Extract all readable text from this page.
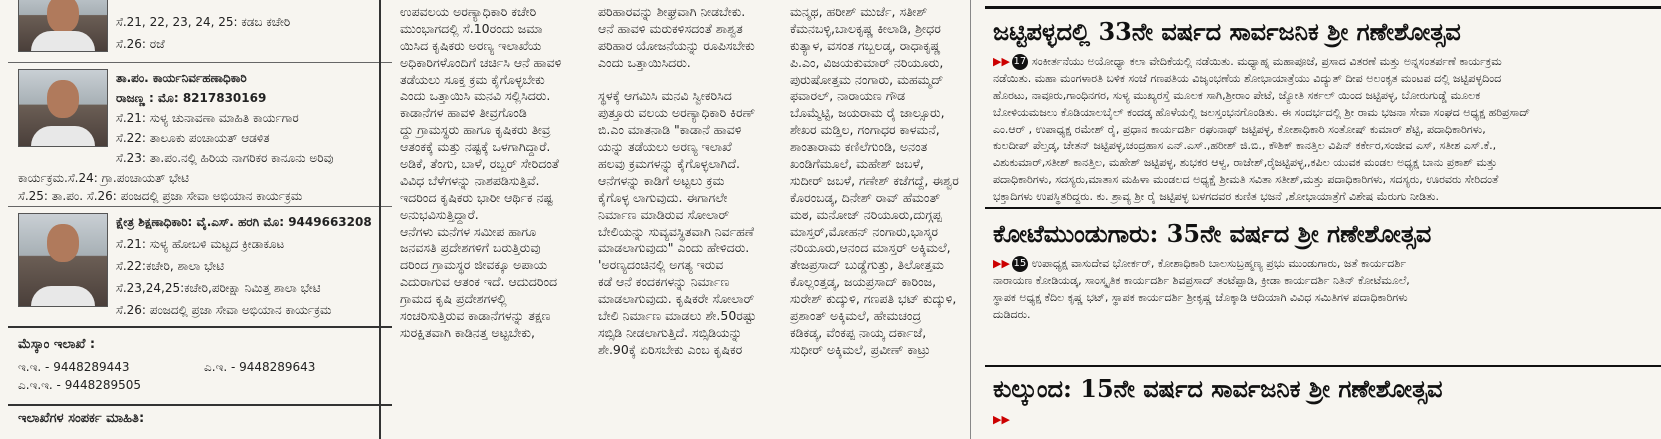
ಸೆ.21, 22, 23, 24, 25: ಕಡಬ ಕಚೇರಿ
ಸೆ.26: ರಜೆ
ತಾ.ಪಂ. ಕಾರ್ಯನಿರ್ವಹಣಾಧಿಕಾರಿ
ರಾಜಣ್ಣ : ಮೊ: 8217830169
ಸೆ.21: ಸುಳ್ಯ ಚುನಾವಣಾ ಮಾಹಿತಿ ಕಾರ್ಯಗಾರ
ಸೆ.22: ತಾಲೂಕು ಪಂಚಾಯತ್ ಆಡಳಿತ
ಸೆ.23: ತಾ.ಪಂ.ನಲ್ಲಿ ಹಿರಿಯ ನಾಗರಿಕರ ಕಾನೂನು ಅರಿವು
ಕಾರ್ಯಕ್ರಮ.ಸೆ.24: ಗ್ರಾ.ಪಂಚಾಯತ್ ಭೇಟಿ
ಸೆ.25: ತಾ.ಪಂ. ಸೆ.26: ಪಂಜದಲ್ಲಿ ಪ್ರಜಾ ಸೇವಾ ಅಭಿಯಾನ ಕಾರ್ಯಕ್ರಮ
ಕ್ಷೇತ್ರ ಶಿಕ್ಷಣಾಧಿಕಾರಿ: ವೈ.ಎಸ್. ಹರಗಿ ಮೊ: 9449663208
ಸೆ.21: ಸುಳ್ಯ ಹೋಬಳಿ ಮಟ್ಟದ ಕ್ರೀಡಾಕೂಟ
ಸೆ.22:ಕಚೇರಿ, ಶಾಲಾ ಭೇಟಿ
ಸೆ.23,24,25:ಕಚೇರಿ,ಪರೀಕ್ಷಾ ನಿಮಿತ್ತ ಶಾಲಾ ಭೇಟಿ
ಸೆ.26: ಪಂಜದಲ್ಲಿ ಪ್ರಜಾ ಸೇವಾ ಅಭಿಯಾನ ಕಾರ್ಯಕ್ರಮ
ಮೆಸ್ಕಾಂ ಇಲಾಖೆ :
ಇ.ಇ. - 9448289443	ಎ.ಇ. - 9448289643
ಎ.ಇ.ಇ. - 9448289505
ಇಲಾಖೆಗಳ ಸಂಪರ್ಕ ಮಾಹಿತಿ:
ಉಪವಲಯ ಅರಣ್ಯಾಧಿಕಾರಿ ಕಚೇರಿ
ಮುಂಭಾಗದಲ್ಲಿ ಸೆ.10ರಂದು ಜಮಾ
ಯಿಸಿದ ಕೃಷಿಕರು ಅರಣ್ಯ ಇಲಾಖೆಯ
ಅಧಿಕಾರಿಗಳೊಂದಿಗೆ ಚರ್ಚಿಸಿ ಆನೆ ಹಾವಳಿ
ತಡೆಯಲು ಸೂಕ್ತ ಕ್ರಮ ಕೈಗೊಳ್ಳಬೇಕು
ಎಂದು ಒತ್ತಾಯಿಸಿ ಮನವಿ ಸಲ್ಲಿಸಿದರು.
ಕಾಡಾನೆಗಳ ಹಾವಳಿ ತೀವ್ರಗೊಂಡಿ
ದ್ದು ಗ್ರಾಮಸ್ಥರು ಹಾಗೂ ಕೃಷಿಕರು ತೀವ್ರ
ಆತಂಕಕ್ಕೆ ಮತ್ತು ನಷ್ಟಕ್ಕೆ ಒಳಗಾಗಿದ್ದಾರೆ.
ಅಡಿಕೆ, ತೆಂಗು, ಬಾಳೆ, ರಬ್ಬರ್ ಸೇರಿದಂತೆ
ವಿವಿಧ ಬೆಳೆಗಳನ್ನು ನಾಶಪಡಿಸುತ್ತಿವೆ.
ಇದರಿಂದ ಕೃಷಿಕರು ಭಾರೀ ಆರ್ಥಿಕ ನಷ್ಟ
ಅನುಭವಿಸುತ್ತಿದ್ದಾರೆ.
ಆನೆಗಳು ಮನೆಗಳ ಸಮೀಪ ಹಾಗೂ
ಜನವಸತಿ ಪ್ರದೇಶಗಳಿಗೆ ಬರುತ್ತಿರುವು
ದರಿಂದ ಗ್ರಾಮಸ್ಥರ ಜೀವಕ್ಕೂ ಅಪಾಯ
ಎದುರಾಗುವ ಆತಂಕ ಇದೆ. ಆದುದರಿಂದ
ಗ್ರಾಮದ ಕೃಷಿ ಪ್ರದೇಶಗಳಲ್ಲಿ
ಸಂಚರಿಸುತ್ತಿರುವ ಕಾಡಾನೆಗಳನ್ನು ತಕ್ಷಣ
ಸುರಕ್ಷಿತವಾಗಿ ಕಾಡಿನತ್ತ ಅಟ್ಟಬೇಕು,
ಪರಿಹಾರವನ್ನು ಶೀಘ್ರವಾಗಿ ನೀಡಬೇಕು.
ಆನೆ ಹಾವಳಿ ಮರುಕಳಿಸದಂತೆ ಶಾಶ್ವತ
ಪರಿಹಾರ ಯೋಜನೆಯನ್ನು ರೂಪಿಸಬೇಕು
ಎಂದು ಒತ್ತಾಯಿಸಿದರು.
ಸ್ಥಳಕ್ಕೆ ಆಗಮಿಸಿ ಮನವಿ ಸ್ವೀಕರಿಸಿದ
ಪುತ್ತೂರು ವಲಯ ಅರಣ್ಯಾಧಿಕಾರಿ ಕಿರಣ್
ಬಿ.ಎಂ ಮಾತನಾಡಿ "ಕಾಡಾನೆ ಹಾವಳಿ
ಯನ್ನು ತಡೆಯಲು ಅರಣ್ಯ ಇಲಾಖೆ
ಹಲವು ಕ್ರಮಗಳನ್ನು ಕೈಗೊಳ್ಳಲಾಗಿದೆ.
ಆನೆಗಳನ್ನು ಕಾಡಿಗೆ ಅಟ್ಟಲು ಕ್ರಮ
ಕೈಗೊಳ್ಳ ಲಾಗುವುದು. ಈಗಾಗಲೇ
ನಿರ್ಮಾಣ ಮಾಡಿರುವ ಸೋಲಾರ್
ಬೇಲಿಯನ್ನು ಸುವ್ಯವಸ್ಥಿತವಾಗಿ ನಿರ್ವಹಣೆ
ಮಾಡಲಾಗುವುದು" ಎಂದು ಹೇಳಿದರು.
'ಅರಣ್ಯದಂಚಿನಲ್ಲಿ ಅಗತ್ಯ ಇರುವ
ಕಡೆ ಆನೆ ಕಂದಕಗಳನ್ನು ನಿರ್ಮಾಣ
ಮಾಡಲಾಗುವುದು. ಕೃಷಿಕರೇ ಸೋಲಾರ್
ಬೇಲಿ ನಿರ್ಮಾಣ ಮಾಡಲು ಶೇ.50ರಷ್ಟು
ಸಬ್ಸಿಡಿ ನೀಡಲಾಗುತ್ತಿದೆ. ಸಬ್ಸಿಡಿಯನ್ನು
ಶೇ.90ಕ್ಕೆ ಏರಿಸಬೇಕು ಎಂಬ ಕೃಷಿಕರ
ಮನ್ಮಥ, ಹರೀಶ್ ಮುರ್ಜೆ, ಸತೀಶ್
ಕೆಮನಬಳ್ಳಿ,ಬಾಲಕೃಷ್ಣ ಕೀಲಾಡಿ, ಶ್ರೀಧರ
ಕುತ್ಯಾಳ, ವಸಂತ ಗಬ್ಬಲಡ್ಕ, ರಾಧಾಕೃಷ್ಣ
ಪಿ.ಎಂ, ವಿಜಯಕುಮಾರ್ ನರಿಯೂರು,
ಪುರುಷೋತ್ತಮ ನಂಗಾರು, ಮಹಮ್ಮದ್
ಫವಾರಲ್, ನಾರಾಯಣ ಗೌಡ
ಬೊಮ್ಮೆಟ್ಟಿ, ಜಯರಾಮ ರೈ ಜಾಲ್ಸೂರು,
ಶೇಖರ ಮಡ್ತಿಲ, ಗಂಗಾಧರ ಕಾಳಮನೆ,
ಶಾಂತಾರಾಮ ಕಣಿಲೆಗುಂಡಿ, ಅನಂತ
ಖಂಡಿಗೆಮೂಲೆ, ಮಹೇಶ್ ಜಬಳೆ,
ಸುದೀರ್ ಜಬಳೆ, ಗಣೇಶ್ ಕಜೆಗದ್ದೆ, ಈಶ್ವರ
ಕೊರಂಬಡ್ಕ, ದಿನೇಶ್ ರಾವ್ ಹೆಮಂತ್
ಮಠ, ಮನೋಜ್ ನರಿಯೂರು,ದುಗ್ಗಪ್ಪ
ಮಾಸ್ತರ್,ಮೋಹನ್ ನಂಗಾರು,ಭಾಸ್ಕರ
ನರಿಯೂರು,ಆನಂದ ಮಾಸ್ತರ್ ಅಕ್ಕಿಮಲೆ,
ತೇಜಪ್ರಸಾದ್ ಬುಡ್ಡೆಗುತ್ತು, ತಿಲೋತ್ತಮ
ಕೊಲ್ಲಂತ್ತಡ್ಕ, ಜಯಪ್ರಸಾದ್ ಕಾರಿಂಜ,
ಸುರೇಶ್ ಕುದ್ಕುಳಿ, ಗಣಪತಿ ಭಟ್ ಕುದ್ಕುಳಿ,
ಪ್ರಶಾಂತ್ ಅಕ್ಕಿಮಲೆ, ಹೇಮಚಂದ್ರ
ಕಡಿಕಡ್ಕ, ವೆಂಕಪ್ಪ ನಾಯ್ಕ ದರ್ಕಾಜೆ,
ಸುಧೀರ್ ಅಕ್ಕಿಮಲೆ, ಪ್ರವೀಣ್ ಕಾಟ್ರು
ಜಟ್ಟಿಪಳ್ಳದಲ್ಲಿ 33ನೇ ವರ್ಷದ ಸಾರ್ವಜನಿಕ ಶ್ರೀ ಗಣೇಶೋತ್ಸವ
▶▶ 17 ಸಂಕೀರ್ತನೆಯು ಅಯೋಧ್ಯಾ ಕಲಾ ವೇದಿಕೆಯಲ್ಲಿ ನಡೆಯಿತು. ಮಧ್ಯಾಹ್ನ ಮಹಾಪೂಜೆ, ಪ್ರಸಾದ ವಿತರಣೆ ಮತ್ತು ಅನ್ನಸಂತರ್ಪಣೆ ಕಾರ್ಯಕ್ರಮ
ನಡೆಯಿತು. ಮಹಾ ಮಂಗಳಾರತಿ ಬಳಿಕ ಸಂಜೆ ಗಣಪತಿಯ ವಿಜೃಂಭಣೆಯ ಶೋಭಾಯಾತ್ರೆಯು ವಿದ್ಯುತ್ ದೀಪ ಅಲಂಕೃತ ಮಂಟಪ ದಲ್ಲಿ ಜಟ್ಟಿಪಳ್ಳದಿಂದ
ಹೊರಟು, ನಾವೂರು,ಗಾಂಧಿನಗರ, ಸುಳ್ಯ ಮುಖ್ಯರಸ್ತೆ ಮೂಲಕ ಸಾಗಿ,ಶ್ರೀರಾಂ ಪೇಟೆ, ಜ್ಯೋತಿ ಸರ್ಕಲ್ ಯಿಂದ ಜಟ್ಟಿಪಳ್ಳ, ಬೋರುಗುಡ್ಡೆ ಮೂಲಕ
ಬೋಳಿಯಮಜಲು ಕೊಡಿಯಾಲಬೈಲ್ ಕಂದಡ್ಕ ಹೊಳೆಯಲ್ಲಿ ಜಲಸ್ತಂಭನಗೊಂಡಿತು. ಈ ಸಂದರ್ಭದಲ್ಲಿ ಶ್ರೀ ರಾಮ ಭಜನಾ ಸೇವಾ ಸಂಘದ ಅಧ್ಯಕ್ಷ ಹರಿಪ್ರಸಾದ್
ಎಂ.ಆರ್ , ಉಪಾಧ್ಯಕ್ಷ ರಮೇಶ್ ರೈ, ಪ್ರಧಾನ ಕಾರ್ಯದರ್ಶಿ ರಘುನಾಥ್ ಜಟ್ಟಿಪಳ್ಳ, ಕೋಶಾಧಿಕಾರಿ ಸಂತೋಷ್ ಕುಮಾರ್ ಶೆಟ್ಟಿ, ಪದಾಧಿಕಾರಿಗಳು,
ಕುಲದೀಪ್ ಪೆಲ್ತಡ್ಕ, ಚೇತನ್ ಜಟ್ಟಿಪಳ್ಳ,ಚಂದ್ರಹಾಸ ಎನ್.ಎಸ್.,ಹರೀಶ್ ಜಿ.ಬಿ., ಕೌಶಿಕ್ ಕಾನತ್ತಿಲ ವಿಪಿನ್ ಕರ್ಕೇರ,ಸಂಜೀವ ಎಸ್, ಸತೀಶ ಎಸ್.ಕೆ.,
ವಿಶುಕುಮಾರ್,ಸತೀಶ್ ಕಾನತ್ತಿಲ, ಮಹೇಶ್ ಜಟ್ಟಿಪಳ್ಳ, ಶುಭಕರ ಆಳ್ವ, ರಾಜೇಶ್,ರೈಜಟ್ಟಿಪಳ್ಳ,,ಕಪಿಲ ಯುವಕ ಮಂಡಲ ಅಧ್ಯಕ್ಷ ಬಾನು ಪ್ರಕಾಶ್ ಮತ್ತು
ಪದಾಧಿಕಾರಿಗಳು, ಸದಸ್ಯರು,ಮಾತಾಸ ಮಹಿಳಾ ಮಂಡಲದ ಅಧ್ಯಕ್ಷೆ ಶ್ರೀಮತಿ ಸವಿತಾ ಸತೀಶ್,ಮತ್ತು ಪದಾಧಿಕಾರಿಗಳು, ಸದಸ್ಯರು, ಊರವರು ಸೇರಿದಂತೆ
ಭಕ್ತಾದಿಗಳು ಉಪಸ್ಥಿತರಿದ್ದರು. ಕು. ಶ್ರಾವ್ಯ ಶ್ರೀ ರೈ ಜಟ್ಟಿಪಳ್ಳ ಬಳಗದವರ ಕುಣಿತ ಭಜನೆ ,ಶೋಭಾಯಾತ್ರೆಗೆ ವಿಶೇಷ ಮೆರುಗು ನೀಡಿತು.
ಕೋಟೆಮುಂಡುಗಾರು: 35ನೇ ವರ್ಷದ ಶ್ರೀ ಗಣೇಶೋತ್ಸವ
▶▶ 15 ಉಪಾಧ್ಯಕ್ಷ ವಾಸುದೇವ ಭೋರ್ಕರ್, ಕೋಶಾಧಿಕಾರಿ ಬಾಲಸುಬ್ರಹ್ಮಣ್ಯ ಪ್ರಭು ಮುಂಡುಗಾರು, ಜತೆ ಕಾರ್ಯದರ್ಶಿ
ನಾರಾಯಣ ಕೋಡಿಯಡ್ಕ, ಸಾಂಸ್ಕೃತಿಕ ಕಾರ್ಯದರ್ಶಿ ಶಿವಪ್ರಸಾದ್ ತಂಟೆಪ್ಪಾಡಿ, ಕ್ರೀಡಾ ಕಾರ್ಯದರ್ಶಿ ನಿತಿನ್ ಕೋಟೆಮೂಲೆ,
ಸ್ಥಾಪಕ ಅಧ್ಯಕ್ಷ ಕೆದಿಲ ಕೃಷ್ಣ ಭಟ್, ಸ್ಥಾಪಕ ಕಾರ್ಯದರ್ಶಿ ಶ್ರೀಕೃಷ್ಣ ಚೊಕ್ಕಾಡಿ ಆದಿಯಾಗಿ ವಿವಿಧ ಸಮಿತಿಗಳ ಪದಾಧಿಕಾರಿಗಳು
ದುಡಿದರು.
ಕುಲ್ಕುಂದ: 15ನೇ ವರ್ಷದ ಸಾರ್ವಜನಿಕ ಶ್ರೀ ಗಣೇಶೋತ್ಸವ
▶▶
